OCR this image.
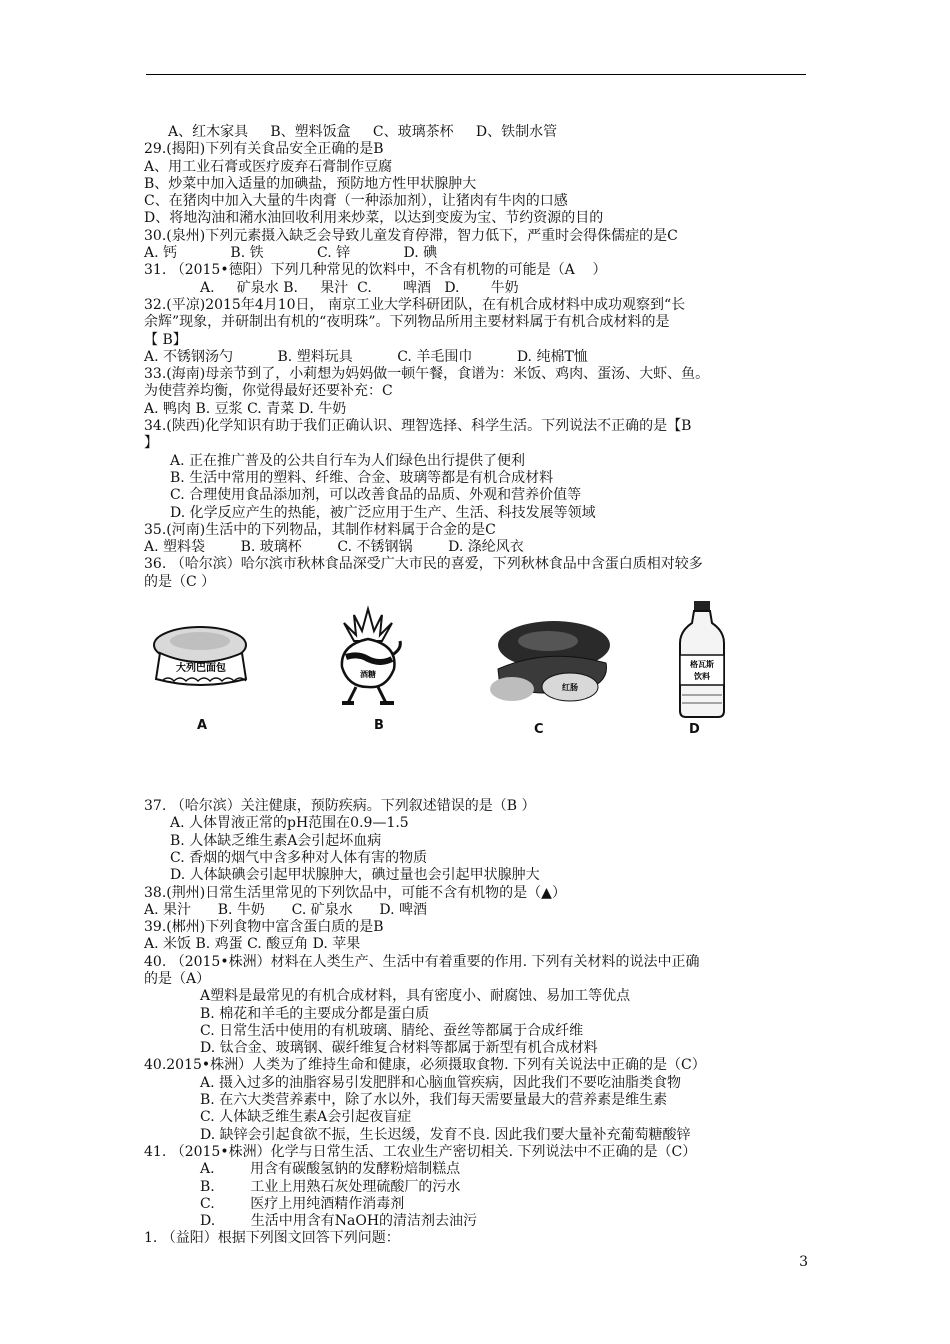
A、红木家具     B、塑料饭盒     C、玻璃茶杯     D、铁制水管
29.(揭阳)下列有关食品安全正确的是B
A、用工业石膏或医疗废弃石膏制作豆腐
B、炒菜中加入适量的加碘盐，预防地方性甲状腺肿大
C、在猪肉中加入大量的牛肉膏（一种添加剂），让猪肉有牛肉的口感
D、将地沟油和潲水油回收利用来炒菜，以达到变废为宝、节约资源的目的
30.(泉州)下列元素摄入缺乏会导致儿童发育停滞，智力低下，严重时会得侏儒症的是C
A. 钙            B. 铁            C. 锌            D. 碘
31. （2015•德阳）下列几种常见的饮料中，不含有机物的可能是（A    ）
A.     矿泉水 B.     果汁  C.       啤酒   D.       牛奶
32.(平凉)2015年4月10日， 南京工业大学科研团队，在有机合成材料中成功观察到“长
余辉”现象，并研制出有机的“夜明珠”。下列物品所用主要材料属于有机合成材料的是
【 B】
A. 不锈钢汤勺          B. 塑料玩具          C. 羊毛围巾          D. 纯棉T恤
33.(海南)母亲节到了，小莉想为妈妈做一顿午餐，食谱为：米饭、鸡肉、蛋汤、大虾、鱼。
为使营养均衡，你觉得最好还要补充：C
A. 鸭肉 B. 豆浆 C. 青菜 D. 牛奶
34.(陕西)化学知识有助于我们正确认识、理智选择、科学生活。下列说法不正确的是【B
】
A. 正在推广普及的公共自行车为人们绿色出行提供了便利
B. 生活中常用的塑料、纤维、合金、玻璃等都是有机合成材料
C. 合理使用食品添加剂，可以改善食品的品质、外观和营养价值等
D. 化学反应产生的热能，被广泛应用于生产、生活、科技发展等领域
35.(河南)生活中的下列物品，其制作材料属于合金的是C
A. 塑料袋        B. 玻璃杯        C. 不锈钢锅        D. 涤纶风衣
36. （哈尔滨）哈尔滨市秋林食品深受广大市民的喜爱，下列秋林食品中含蛋白质相对较多
的是（C ）
大列巴面包
酒糖
红肠
格瓦斯
饮料
A	B	C	D
37. （哈尔滨）关注健康，预防疾病。下列叙述错误的是（B ）
A. 人体胃液正常的pH范围在0.9—1.5
B. 人体缺乏维生素A会引起坏血病
C. 香烟的烟气中含多种对人体有害的物质
D. 人体缺碘会引起甲状腺肿大，碘过量也会引起甲状腺肿大
38.(荆州)日常生活里常见的下列饮品中，可能不含有机物的是（▲）
A. 果汁      B. 牛奶      C. 矿泉水      D. 啤酒
39.(郴州)下列食物中富含蛋白质的是B
A. 米饭 B. 鸡蛋 C. 酸豆角 D. 苹果
40. （2015•株洲）材料在人类生产、生活中有着重要的作用. 下列有关材料的说法中正确
的是（A）
A塑料是最常见的有机合成材料，具有密度小、耐腐蚀、易加工等优点
B. 棉花和羊毛的主要成分都是蛋白质
C. 日常生活中使用的有机玻璃、腈纶、蚕丝等都属于合成纤维
D. 钛合金、玻璃钢、碳纤维复合材料等都属于新型有机合成材料
40.2015•株洲）人类为了维持生命和健康，必须摄取食物. 下列有关说法中正确的是（C）
A. 摄入过多的油脂容易引发肥胖和心脑血管疾病，因此我们不要吃油脂类食物
B. 在六大类营养素中，除了水以外，我们每天需要量最大的营养素是维生素
C. 人体缺乏维生素A会引起夜盲症
D. 缺锌会引起食欲不振，生长迟缓，发育不良. 因此我们要大量补充葡萄糖酸锌
41. （2015•株洲）化学与日常生活、工农业生产密切相关. 下列说法中不正确的是（C）
A.        用含有碳酸氢钠的发酵粉焙制糕点
B.        工业上用熟石灰处理硫酸厂的污水
C.        医疗上用纯酒精作消毒剂
D.        生活中用含有NaOH的清洁剂去油污
1. （益阳）根据下列图文回答下列问题：
3
